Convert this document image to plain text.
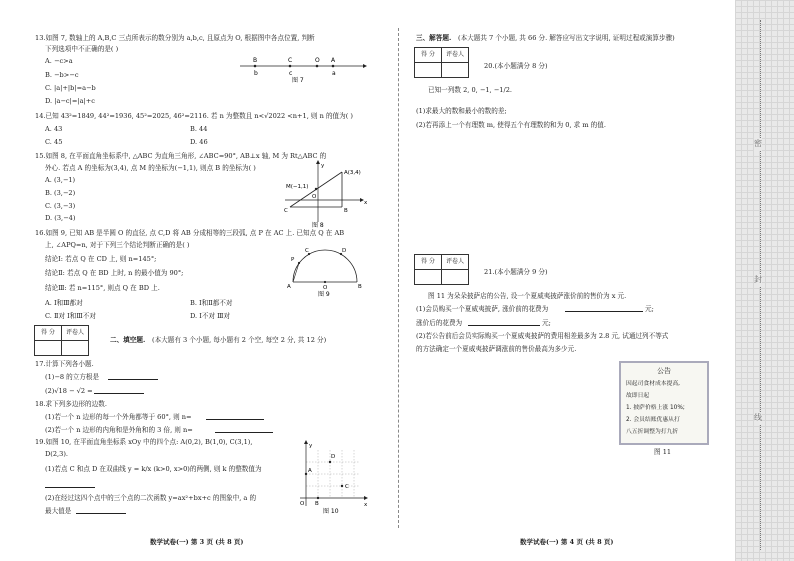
13.如图 7, 数轴上的 A,B,C 三点所表示的数分别为 a,b,c, 且原点为 O, 根据图中各点位置, 判断
下列选项中不正确的是( )
A. −c>a
B. −b>−c
C. |a|+|b|=a−b
D. |a−c|=|a|+c
B	C	O A
b	c	a
图 7
14.已知 43²=1849, 44²=1936, 45²=2025, 46²=2116. 若 n 为整数且 n<√2022 <n+1, 则 n 的值为( )
A. 43	B. 44
C. 45	D. 46
15.如图 8, 在平面直角坐标系中, △ABC 为直角三角形, ∠ABC=90°, AB⊥x 轴, M 为 Rt△ABC 的
外心. 若点 A 的坐标为(3,4), 点 M 的坐标为(−1,1), 则点 B 的坐标为( )
A. (3,−1)
B. (3,−2)
C. (3,−3)
D. (3,−4)
M(−1,1)
A(3,4)
C	B
O
x
y
图 8
16.如图 9, 已知 AB 是半圆 O 的直径, 点 C,D 将 AB 分成相等的三段弧, 点 P 在 AC 上. 已知点 Q 在 AB
上, ∠APQ=n, 对于下列三个结论判断正确的是( )
结论Ⅰ: 若点 Q 在 CD 上, 则 n=145°;
结论Ⅱ: 若点 Q 在 BD 上时, n 的最小值为 90°;
结论Ⅲ: 若 n=115°, 则点 Q 在 BD 上.
A. Ⅰ和Ⅲ都对	B. Ⅰ和Ⅱ都不对
C. Ⅱ对 Ⅰ和Ⅲ不对	D. Ⅰ不对 Ⅲ对
P
C	D
A	O	B
图 9
得 分	评卷人

二、填空题. (本大题有 3 个小题, 每小题有 2 个空, 每空 2 分, 共 12 分)
17.计算下列各小题.
(1)−8 的立方根是
(2)√18 − √2 =
18.求下列多边形的边数.
(1)若一个 n 边形的每一个外角都等于 60°, 则 n=
(2)若一个 n 边形的内角和是外角和的 3 倍, 则 n=
19.如图 10, 在平面直角坐标系 xOy 中的四个点: A(0,2), B(1,0), C(3,1),
D(2,3).
(1)若点 C 和点 D 在双曲线 y = k/x (k>0, x>0)的两侧, 则 k 的整数值为
(2)在经过这四个点中的三个点的二次函数 y=ax²+bx+c 的图象中, a 的
最大值是
D
A
C
B
O	x
y
图 10
数学试卷(一) 第 3 页 (共 8 页)
三、解答题. (本大题共 7 个小题, 共 66 分. 解答应写出文字说明, 证明过程或演算步骤)
得 分	评卷人

20.(本小题满分 8 分)
已知一列数 2, 0, −1, −1/2.
(1)求最大的数和最小的数的差;
(2)若再添上一个有理数 m, 使得五个有理数的和为 0, 求 m 的值.
得 分	评卷人

21.(本小题满分 9 分)
图 11 为朵朵披萨店的公告, 设一个夏威夷披萨涨价前的售价为 x 元.
(1)会员购买一个夏威夷披萨, 涨价前的花费为	元;
涨价后的花费为	元;
(2)若公告前后会员实际购买一个夏威夷披萨的费用相差最多为 2.8 元, 试通过列不等式
的方法确定一个夏威夷披萨调涨前的售价最高为多少元.
公告
因起司食材成本提高,
故即日起
1. 披萨价格上涨 10%;
2. 会员结账优惠从打
八五折调整为打九折
图 11
数学试卷(一) 第 4 页 (共 8 页)
密
封
线
